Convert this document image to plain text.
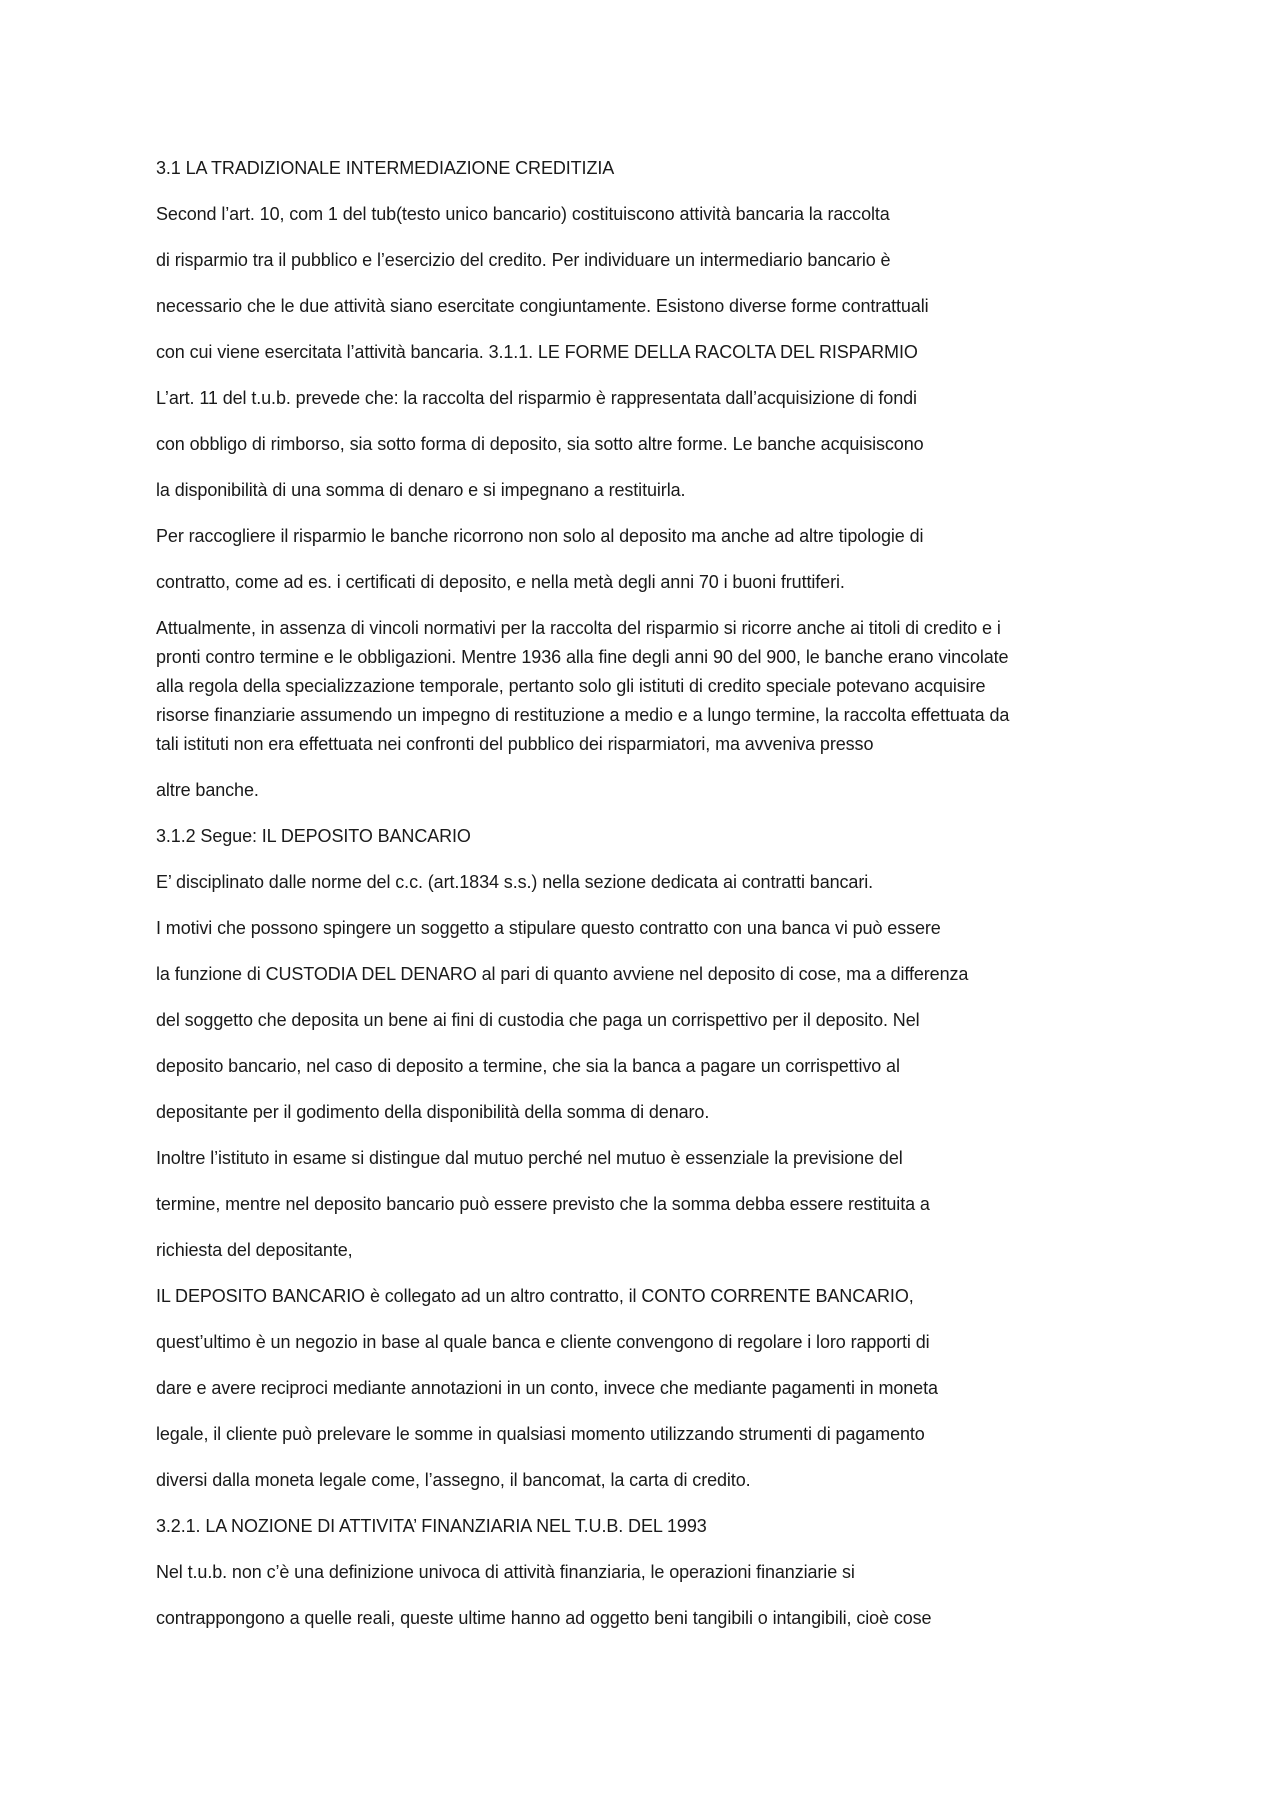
3.1 LA TRADIZIONALE INTERMEDIAZIONE CREDITIZIA
Second l’art. 10, com 1 del tub(testo unico bancario) costituiscono attività bancaria la raccolta
di risparmio tra il pubblico e l’esercizio del credito. Per individuare un intermediario bancario è
necessario che le due attività siano esercitate congiuntamente. Esistono diverse forme contrattuali
con cui viene esercitata l’attività bancaria. 3.1.1. LE FORME DELLA RACOLTA DEL RISPARMIO
L’art. 11 del t.u.b. prevede che: la raccolta del risparmio è rappresentata dall’acquisizione di fondi
con obbligo di rimborso, sia sotto forma di deposito, sia sotto altre forme. Le banche acquisiscono
la disponibilità di una somma di denaro e si impegnano a restituirla.
Per raccogliere il risparmio le banche ricorrono non solo al deposito ma anche ad altre tipologie di
contratto, come ad es. i certificati di deposito, e nella metà degli anni 70 i buoni fruttiferi.
Attualmente, in assenza di vincoli normativi per la raccolta del risparmio si ricorre anche ai titoli di credito e i
pronti contro termine e le obbligazioni. Mentre 1936 alla fine degli anni 90 del 900, le banche erano vincolate
alla regola della specializzazione temporale, pertanto solo gli istituti di credito speciale potevano acquisire
risorse finanziarie assumendo un impegno di restituzione a medio e a lungo termine, la raccolta effettuata da
tali istituti non era effettuata nei confronti del pubblico dei risparmiatori, ma avveniva presso
altre banche.
3.1.2 Segue: IL DEPOSITO BANCARIO
E’ disciplinato dalle norme del c.c. (art.1834 s.s.) nella sezione dedicata ai contratti bancari.
I motivi che possono spingere un soggetto a stipulare questo contratto con una banca vi può essere
la funzione di CUSTODIA DEL DENARO al pari di quanto avviene nel deposito di cose, ma a differenza
del soggetto che deposita un bene ai fini di custodia che paga un corrispettivo per il deposito. Nel
deposito bancario, nel caso di deposito a termine, che sia la banca a pagare un corrispettivo al
depositante per il godimento della disponibilità della somma di denaro.
Inoltre l’istituto in esame si distingue dal mutuo perché nel mutuo è essenziale la previsione del
termine, mentre nel deposito bancario può essere previsto che la somma debba essere restituita a
richiesta del depositante,
IL DEPOSITO BANCARIO è collegato ad un altro contratto, il CONTO CORRENTE BANCARIO,
quest’ultimo è un negozio in base al quale banca e cliente convengono di regolare i loro rapporti di
dare e avere reciproci mediante annotazioni in un conto, invece che mediante pagamenti in moneta
legale, il cliente può prelevare le somme in qualsiasi momento utilizzando strumenti di pagamento
diversi dalla moneta legale come, l’assegno, il bancomat, la carta di credito.
3.2.1. LA NOZIONE DI ATTIVITA’ FINANZIARIA NEL T.U.B. DEL 1993
Nel t.u.b. non c’è una definizione univoca di attività finanziaria, le operazioni finanziarie si
contrappongono a quelle reali, queste ultime hanno ad oggetto beni tangibili o intangibili, cioè cose
